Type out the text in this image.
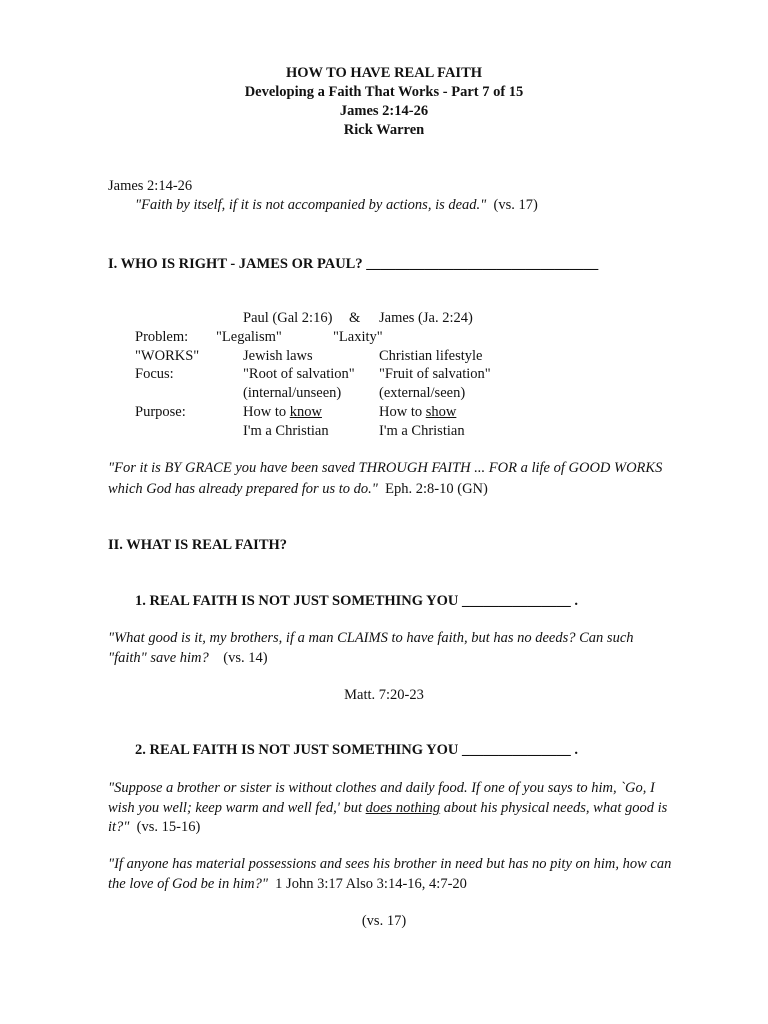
HOW TO HAVE REAL FAITH
Developing a Faith That Works - Part 7 of 15
James 2:14-26
Rick Warren
James 2:14-26
"Faith by itself, if it is not accompanied by actions, is dead." (vs. 17)
I. WHO IS RIGHT - JAMES OR PAUL? ________________________________
Paul (Gal 2:16) & James (Ja. 2:24)
Problem: "Legalism"	"Laxity"
"WORKS"	Jewish laws	Christian lifestyle
Focus:	"Root of salvation" "Fruit of salvation"
(internal/unseen)	(external/seen)
Purpose:	How to know	How to show
I'm a Christian	I'm a Christian
"For it is BY GRACE you have been saved THROUGH FAITH ... FOR a life of GOOD WORKS
which God has already prepared for us to do." Eph. 2:8-10 (GN)
II. WHAT IS REAL FAITH?
1. REAL FAITH IS NOT JUST SOMETHING YOU _______________ .
"What good is it, my brothers, if a man CLAIMS to have faith, but has no deeds? Can such
"faith" save him? (vs. 14)
Matt. 7:20-23
2. REAL FAITH IS NOT JUST SOMETHING YOU _______________ .
"Suppose a brother or sister is without clothes and daily food. If one of you says to him, `Go, I
wish you well; keep warm and well fed,' but does nothing about his physical needs, what good is
it?" (vs. 15-16)
"If anyone has material possessions and sees his brother in need but has no pity on him, how can
the love of God be in him?" 1 John 3:17 Also 3:14-16, 4:7-20
(vs. 17)
